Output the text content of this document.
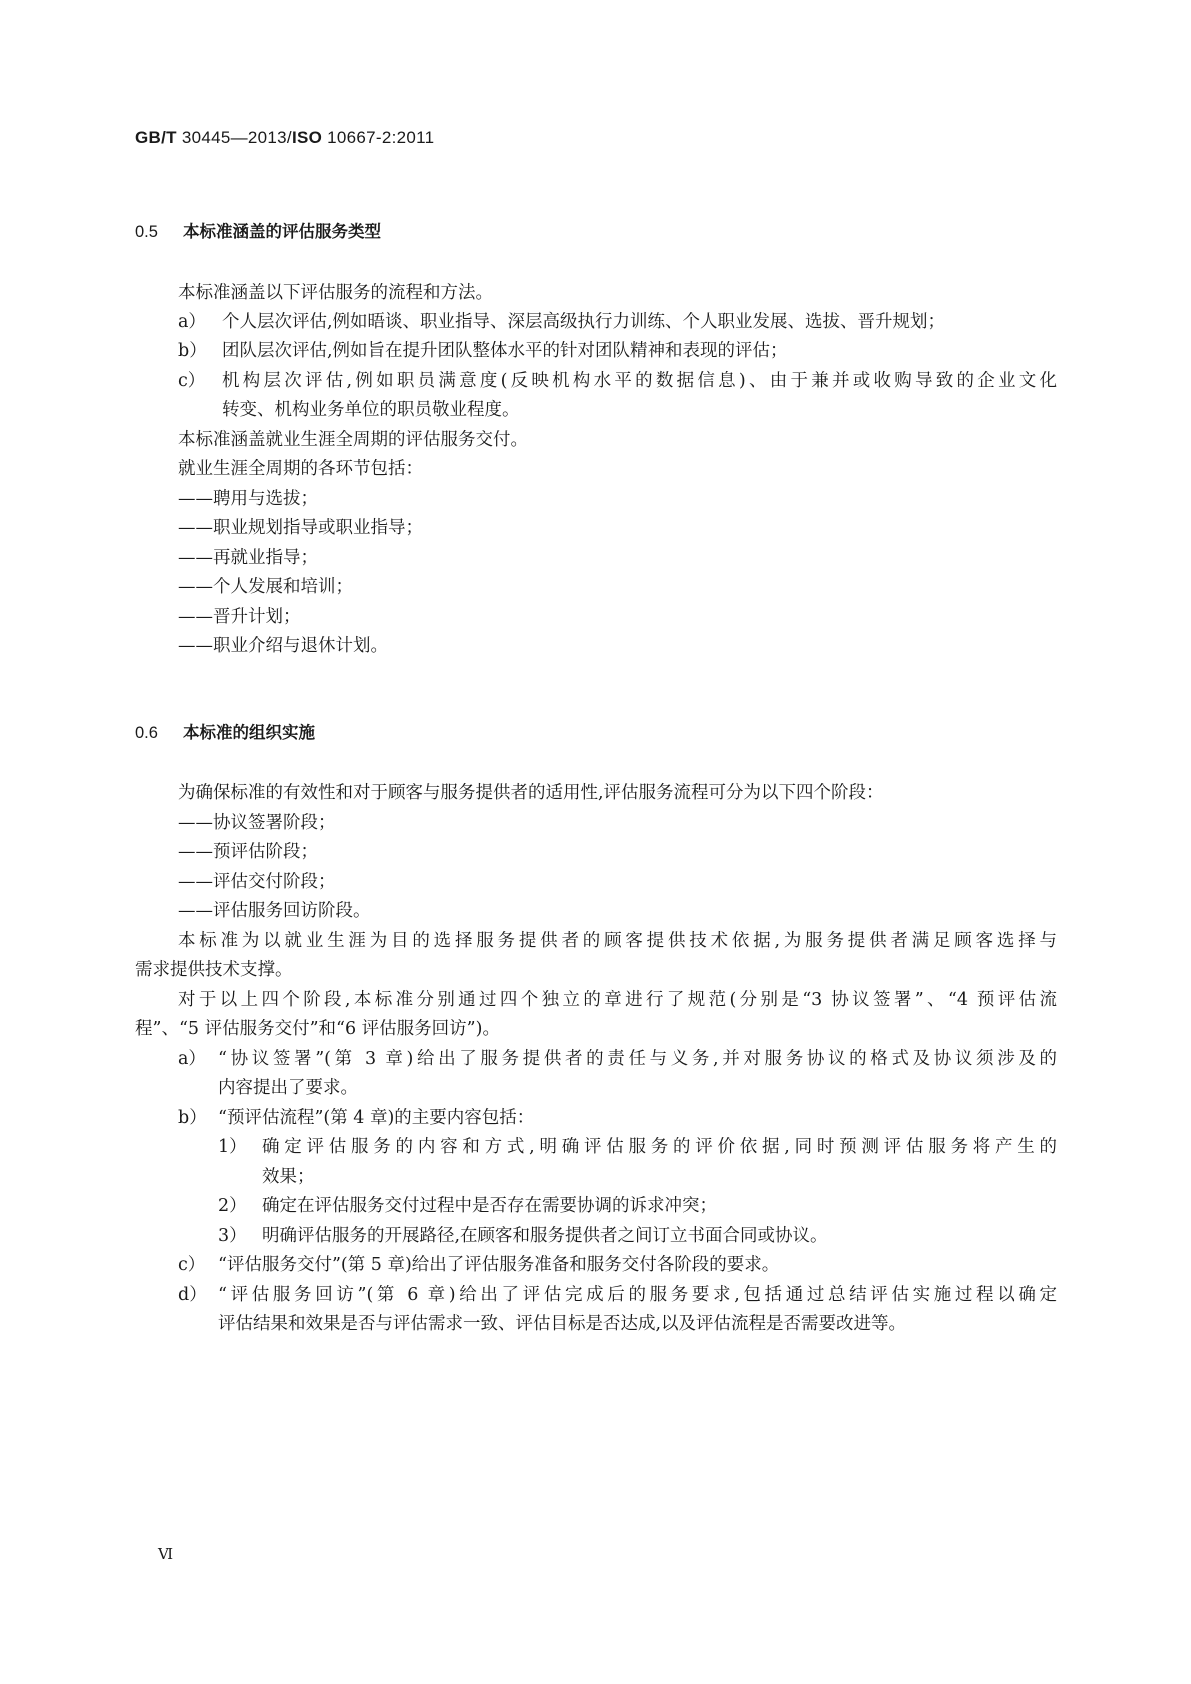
GB/T 30445—2013/ISO 10667-2:2011
0.5 本标准涵盖的评估服务类型
本标准涵盖以下评估服务的流程和方法。
a） 个人层次评估,例如晤谈、职业指导、深层高级执行力训练、个人职业发展、选拔、晋升规划；
b） 团队层次评估,例如旨在提升团队整体水平的针对团队精神和表现的评估；
c） 机构层次评估,例如职员满意度(反映机构水平的数据信息)、由于兼并或收购导致的企业文化
转变、机构业务单位的职员敬业程度。
本标准涵盖就业生涯全周期的评估服务交付。
就业生涯全周期的各环节包括：
——聘用与选拔；
——职业规划指导或职业指导；
——再就业指导；
——个人发展和培训；
——晋升计划；
——职业介绍与退休计划。
0.6 本标准的组织实施
为确保标准的有效性和对于顾客与服务提供者的适用性,评估服务流程可分为以下四个阶段：
——协议签署阶段；
——预评估阶段；
——评估交付阶段；
——评估服务回访阶段。
本标准为以就业生涯为目的选择服务提供者的顾客提供技术依据,为服务提供者满足顾客选择与
需求提供技术支撑。
对于以上四个阶段,本标准分别通过四个独立的章进行了规范(分别是“3 协议签署”、“4 预评估流
程”、“5 评估服务交付”和“6 评估服务回访”)。
a） “协议签署”(第 3 章)给出了服务提供者的责任与义务,并对服务协议的格式及协议须涉及的
内容提出了要求。
b） “预评估流程”(第 4 章)的主要内容包括：
1） 确定评估服务的内容和方式,明确评估服务的评价依据,同时预测评估服务将产生的
效果；
2） 确定在评估服务交付过程中是否存在需要协调的诉求冲突；
3） 明确评估服务的开展路径,在顾客和服务提供者之间订立书面合同或协议。
c） “评估服务交付”(第 5 章)给出了评估服务准备和服务交付各阶段的要求。
d） “评估服务回访”(第 6 章)给出了评估完成后的服务要求,包括通过总结评估实施过程以确定
评估结果和效果是否与评估需求一致、评估目标是否达成,以及评估流程是否需要改进等。
Ⅵ
